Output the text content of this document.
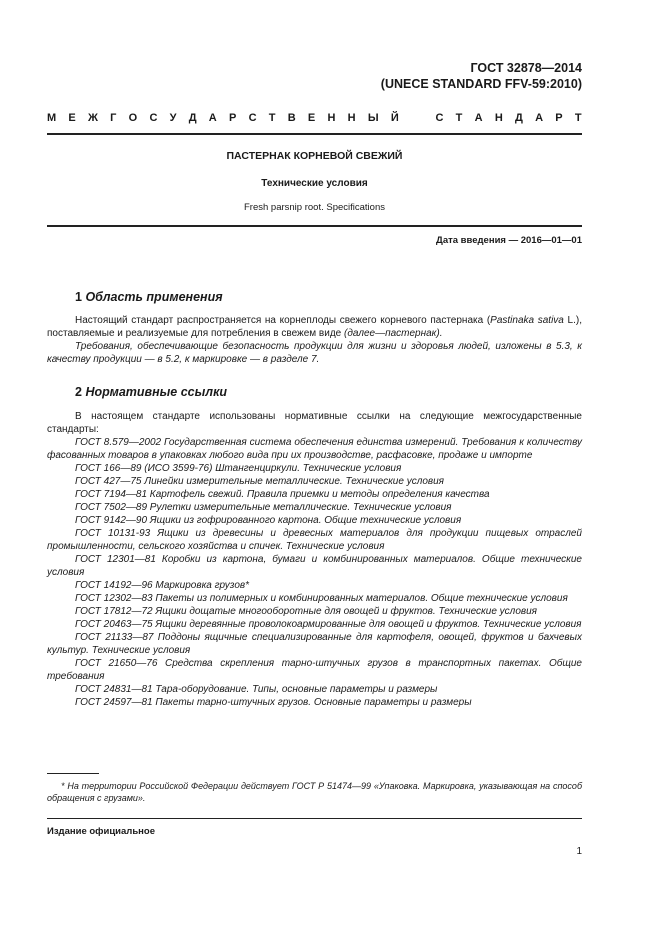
ГОСТ 32878—2014
(UNECE STANDARD FFV-59:2010)
М Е Ж Г О С У Д А Р С Т В Е Н Н Ы Й	С Т А Н Д А Р Т
ПАСТЕРНАК КОРНЕВОЙ СВЕЖИЙ
Технические условия
Fresh parsnip root. Specifications
Дата введения — 2016—01—01
1 Область применения

Настоящий стандарт распространяется на корнеплоды свежего корневого пастернака (Pastinaka sativa L.), поставляемые и реализуемые для потребления в свежем виде (далее—пастернак).

Требования, обеспечивающие безопасность продукции для жизни и здоровья людей, изложены в 5.3, к качеству продукции — в 5.2, к маркировке — в разделе 7.

2 Нормативные ссылки

В настоящем стандарте использованы нормативные ссылки на следующие межгосударственные стандарты:

ГОСТ 8.579—2002 Государственная система обеспечения единства измерений. Требования к количеству фасованных товаров в упаковках любого вида при их производстве, расфасовке, продаже и импорте

ГОСТ 166—89 (ИСО 3599-76) Штангенциркули. Технические условия

ГОСТ 427—75 Линейки измерительные металлические. Технические условия

ГОСТ 7194—81 Картофель свежий. Правила приемки и методы определения качества

ГОСТ 7502—89 Рулетки измерительные металлические. Технические условия

ГОСТ 9142—90 Ящики из гофрированного картона. Общие технические условия

ГОСТ 10131-93 Ящики из древесины и древесных материалов для продукции пищевых отраслей промышленности, сельского хозяйства и спичек. Технические условия

ГОСТ 12301—81 Коробки из картона, бумаги и комбинированных материалов. Общие технические условия

ГОСТ 14192—96 Маркировка грузов*

ГОСТ 12302—83 Пакеты из полимерных и комбинированных материалов. Общие технические условия

ГОСТ 17812—72 Ящики дощатые многооборотные для овощей и фруктов. Технические условия

ГОСТ 20463—75 Ящики деревянные проволокоармированные для овощей и фруктов. Технические условия

ГОСТ 21133—87 Поддоны ящичные специализированные для картофеля, овощей, фруктов и бахчевых культур. Технические условия

ГОСТ 21650—76 Средства скрепления тарно-штучных грузов в транспортных пакетах. Общие требования

ГОСТ 24831—81 Тара-оборудование. Типы, основные параметры и размеры

ГОСТ 24597—81 Пакеты тарно-штучных грузов. Основные параметры и размеры

* На территории Российской Федерации действует ГОСТ Р 51474—99 «Упаковка. Маркировка, указывающая на способ обращения с грузами».

Издание официальное
1
